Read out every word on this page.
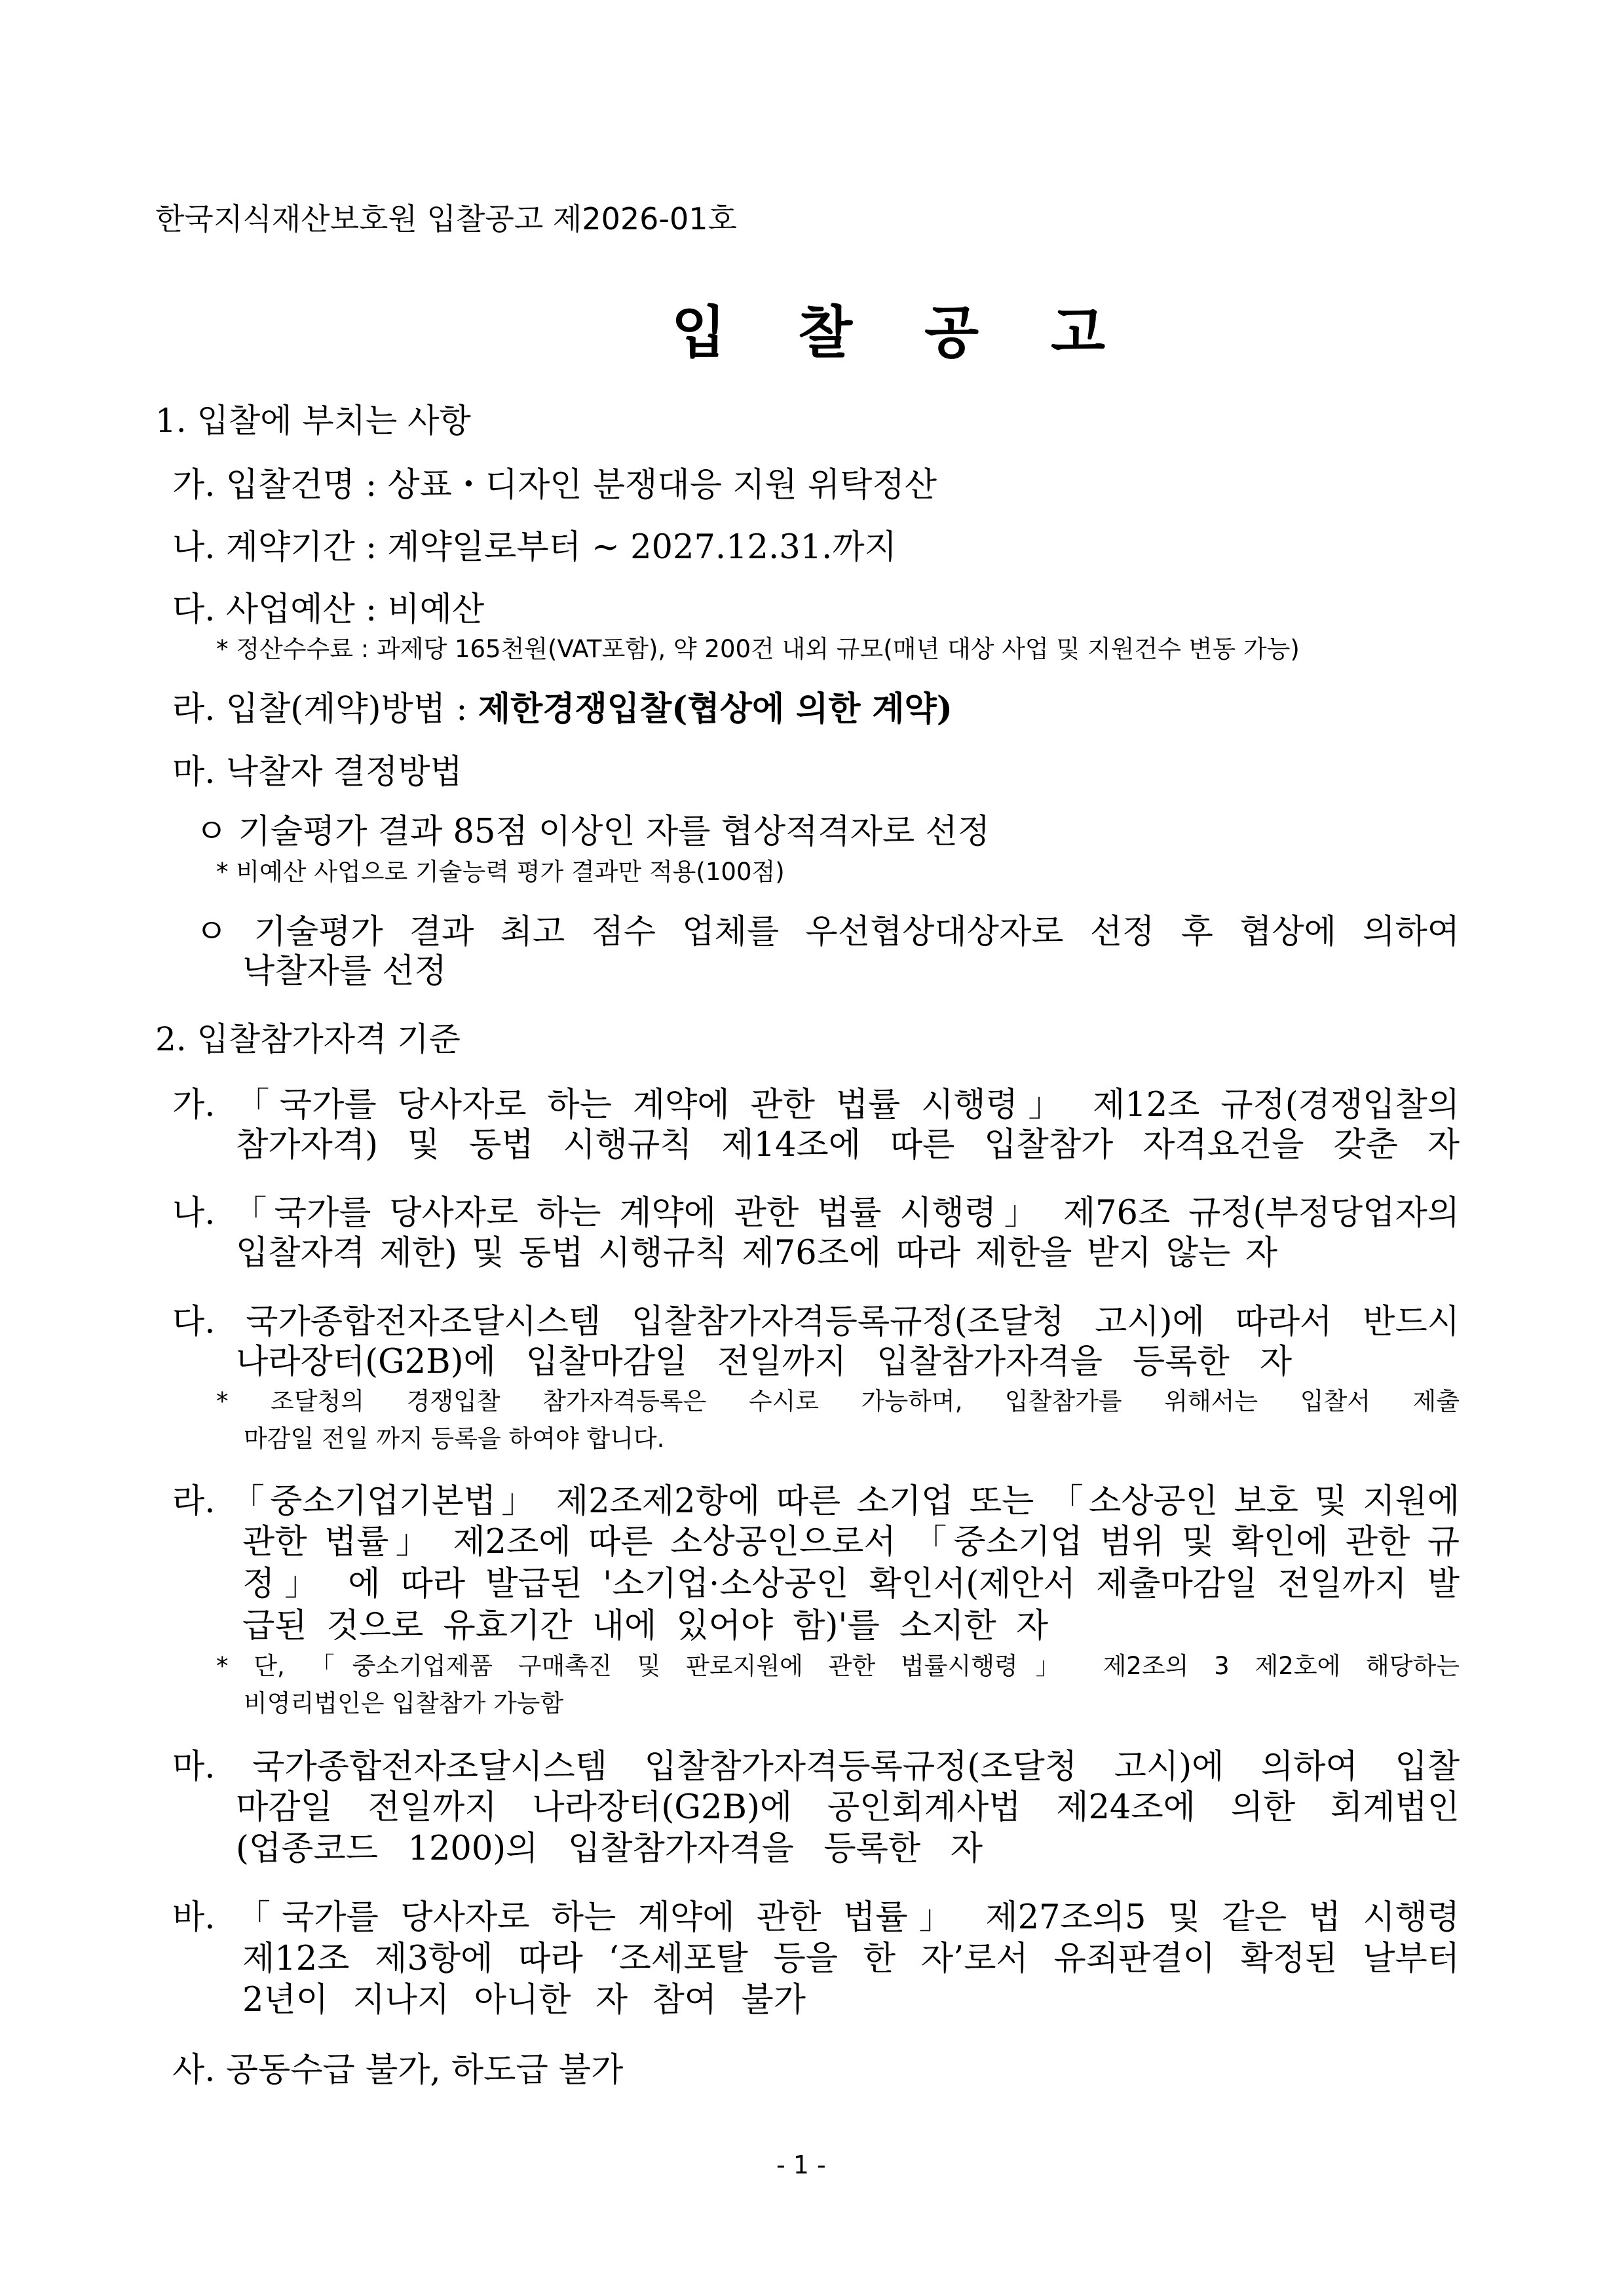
한국지식재산보호원 입찰공고 제2026-01호
입 찰 공 고
1. 입찰에 부치는 사항
가. 입찰건명 : 상표・디자인 분쟁대응 지원 위탁정산
나. 계약기간 : 계약일로부터 ~ 2027.12.31.까지
다. 사업예산 : 비예산
* 정산수수료 : 과제당 165천원(VAT포함), 약 200건 내외 규모(매년 대상 사업 및 지원건수 변동 가능)
라. 입찰(계약)방법 : 제한경쟁입찰(협상에 의한 계약)
마. 낙찰자 결정방법
ㅇ 기술평가 결과 85점 이상인 자를 협상적격자로 선정
* 비예산 사업으로 기술능력 평가 결과만 적용(100점)
ㅇ 기술평가 결과 최고 점수 업체를 우선협상대상자로 선정 후 협상에 의하여
낙찰자를 선정
2. 입찰참가자격 기준
가. 「국가를 당사자로 하는 계약에 관한 법률 시행령」 제12조 규정(경쟁입찰의
참가자격) 및 동법 시행규칙 제14조에 따른 입찰참가 자격요건을 갖춘 자
나. 「국가를 당사자로 하는 계약에 관한 법률 시행령」 제76조 규정(부정당업자의
입찰자격 제한) 및 동법 시행규칙 제76조에 따라 제한을 받지 않는 자
다. 국가종합전자조달시스템 입찰참가자격등록규정(조달청 고시)에 따라서 반드시
나라장터(G2B)에 입찰마감일 전일까지 입찰참가자격을 등록한 자
* 조달청의 경쟁입찰 참가자격등록은 수시로 가능하며, 입찰참가를 위해서는 입찰서 제출
마감일 전일 까지 등록을 하여야 합니다.
라. 「중소기업기본법」 제2조제2항에 따른 소기업 또는 「소상공인 보호 및 지원에
관한 법률」 제2조에 따른 소상공인으로서 「중소기업 범위 및 확인에 관한 규
정」 에 따라 발급된 '소기업·소상공인 확인서(제안서 제출마감일 전일까지 발
급된 것으로 유효기간 내에 있어야 함)'를 소지한 자
* 단, 「중소기업제품 구매촉진 및 판로지원에 관한 법률시행령」 제2조의 3 제2호에 해당하는
비영리법인은 입찰참가 가능함
마. 국가종합전자조달시스템 입찰참가자격등록규정(조달청 고시)에 의하여 입찰
마감일 전일까지 나라장터(G2B)에 공인회계사법 제24조에 의한 회계법인
(업종코드 1200)의 입찰참가자격을 등록한 자
바. 「국가를 당사자로 하는 계약에 관한 법률」 제27조의5 및 같은 법 시행령
제12조 제3항에 따라 ‘조세포탈 등을 한 자’로서 유죄판결이 확정된 날부터
2년이 지나지 아니한 자 참여 불가
사. 공동수급 불가, 하도급 불가
- 1 -
